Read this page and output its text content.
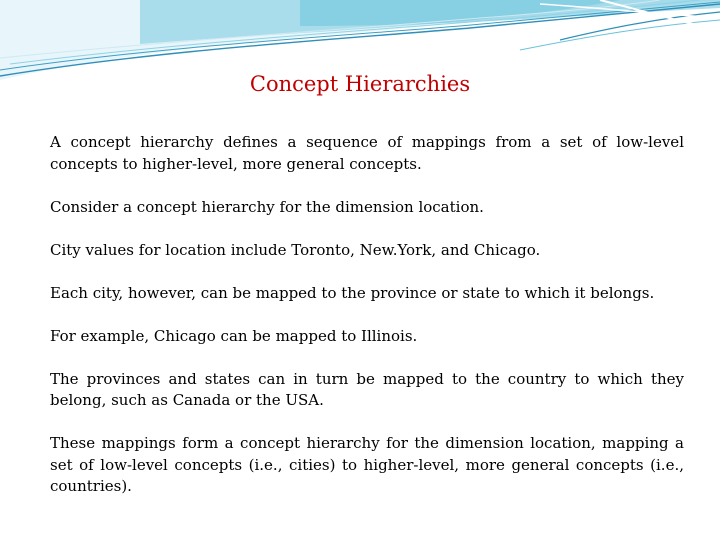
Concept Hierarchies

A concept hierarchy defines a sequence of mappings from a set of low-level concepts to higher-level, more general concepts.

Consider a concept hierarchy for the dimension location.

City values for location include Toronto, New.York, and Chicago.

Each city, however, can be mapped to the province or state to which it belongs.

For example, Chicago can be mapped to Illinois.

The provinces and states can in turn be mapped to the country to which they belong, such as Canada or the USA.

These mappings form a concept hierarchy for the dimension location, mapping a set of low-level concepts (i.e., cities) to higher-level, more general concepts (i.e., countries).
